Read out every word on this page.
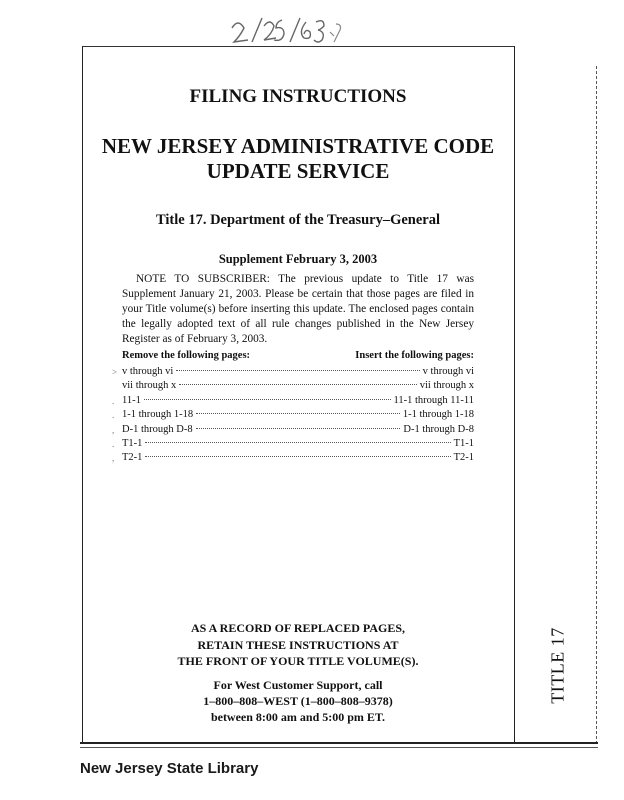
TITLE 17
FILING INSTRUCTIONS
NEW JERSEY ADMINISTRATIVE CODE
UPDATE SERVICE
Title 17. Department of the Treasury–General
Supplement February 3, 2003
NOTE TO SUBSCRIBER: The previous update to Title 17 was Supplement January 21, 2003. Please be certain that those pages are filed in your Title volume(s) before inserting this update. The enclosed pages contain the legally adopted text of all rule changes published in the New Jersey Register as of February 3, 2003.
Remove the following pages:	Insert the following pages:
˃
.
.
,
.
,
v through vi	v through vi
vii through x	vii through x
11-1	11-1 through 11-11
1-1 through 1-18	1-1 through 1-18
D-1 through D-8	D-1 through D-8
T1-1	T1-1
T2-1	T2-1
AS A RECORD OF REPLACED PAGES,
RETAIN THESE INSTRUCTIONS AT
THE FRONT OF YOUR TITLE VOLUME(S).
For West Customer Support, call
1–800–808–WEST (1–800–808–9378)
between 8:00 am and 5:00 pm ET.
New Jersey State Library
